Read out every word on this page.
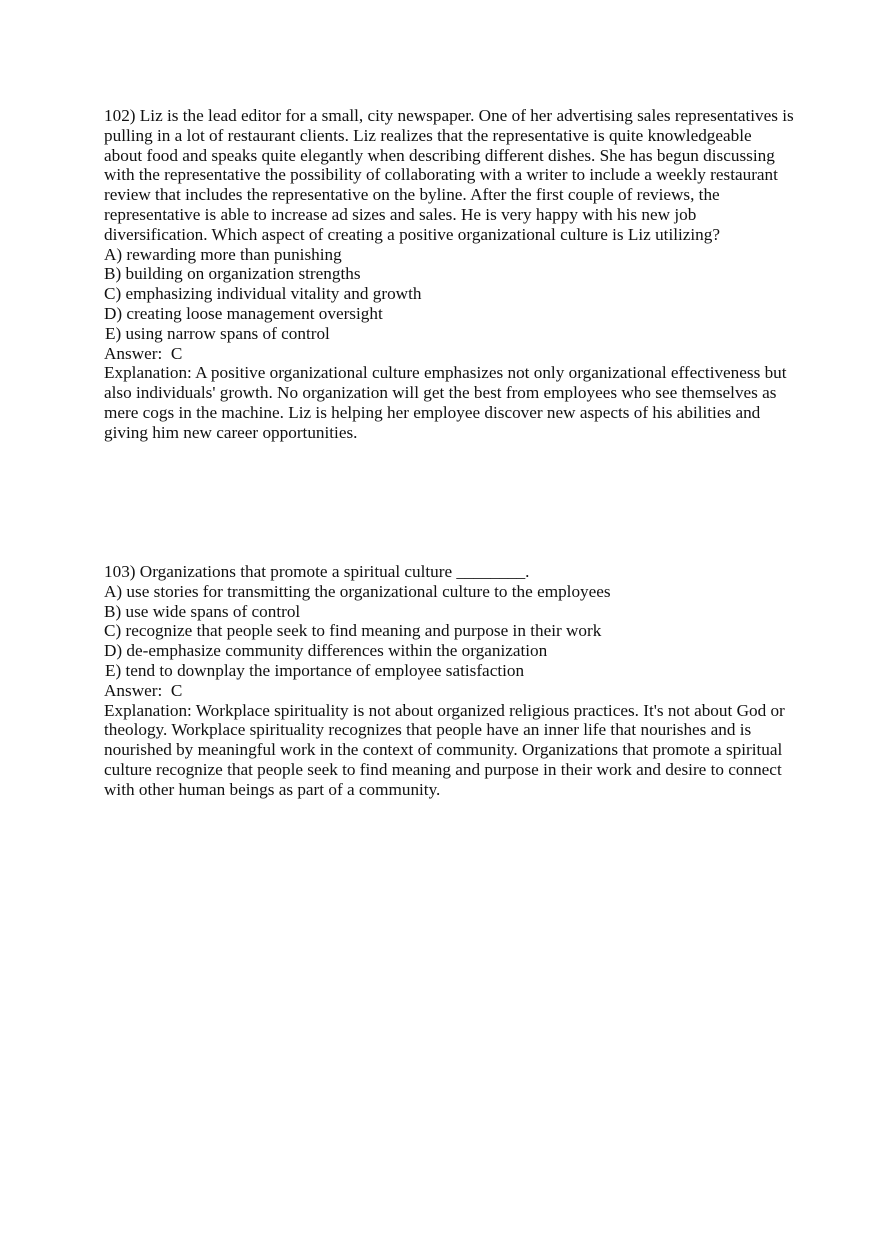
102) Liz is the lead editor for a small, city newspaper. One of her advertising sales representatives is pulling in a lot of restaurant clients. Liz realizes that the representative is quite knowledgeable about food and speaks quite elegantly when describing different dishes. She has begun discussing with the representative the possibility of collaborating with a writer to include a weekly restaurant review that includes the representative on the byline. After the first couple of reviews, the representative is able to increase ad sizes and sales. He is very happy with his new job diversification. Which aspect of creating a positive organizational culture is Liz utilizing?

A) rewarding more than punishing
B) building on organization strengths
C) emphasizing individual vitality and growth
D) creating loose management oversight
E) using narrow spans of control
Answer:  C

Explanation: A positive organizational culture emphasizes not only organizational effectiveness but also individuals' growth. No organization will get the best from employees who see themselves as mere cogs in the machine. Liz is helping her employee discover new aspects of his abilities and giving him new career opportunities.

103) Organizations that promote a spiritual culture ________.

A) use stories for transmitting the organizational culture to the employees
B) use wide spans of control
C) recognize that people seek to find meaning and purpose in their work
D) de-emphasize community differences within the organization
E) tend to downplay the importance of employee satisfaction
Answer:  C

Explanation: Workplace spirituality is not about organized religious practices. It's not about God or theology. Workplace spirituality recognizes that people have an inner life that nourishes and is nourished by meaningful work in the context of community. Organizations that promote a spiritual culture recognize that people seek to find meaning and purpose in their work and desire to connect with other human beings as part of a community.
